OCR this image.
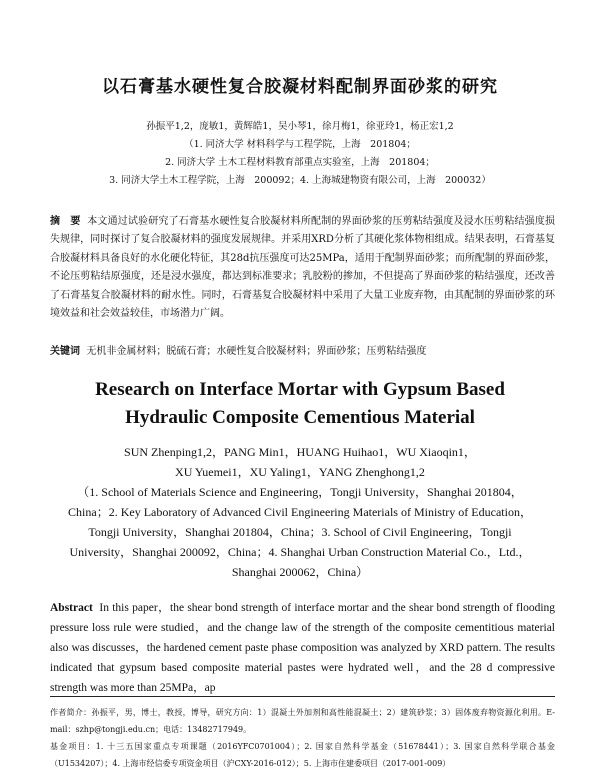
以石膏基水硬性复合胶凝材料配制界面砂浆的研究
孙振平1,2，庞敏1，黄辉皓1，吴小琴1，徐月梅1，徐亚玲1，杨正宏1,2
（1. 同济大学 材料科学与工程学院，上海　201804；
2. 同济大学 土木工程材料教育部重点实验室，上海　201804；
3. 同济大学土木工程学院，上海　200092；4. 上海城建物资有限公司，上海　200032）
摘　要 本文通过试验研究了石膏基水硬性复合胶凝材料所配制的界面砂浆的压剪粘结强度及浸水压剪粘结强度损失规律，同时探讨了复合胶凝材料的强度发展规律。并采用XRD分析了其硬化浆体物相组成。结果表明，石膏基复合胶凝材料具备良好的水化硬化特征，其28d抗压强度可达25MPa，适用于配制界面砂浆；而所配制的界面砂浆，不论压剪粘结原强度，还是浸水强度，都达到标准要求；乳胶粉的掺加，不但提高了界面砂浆的粘结强度，还改善了石膏基复合胶凝材料的耐水性。同时，石膏基复合胶凝材料中采用了大量工业废弃物，由其配制的界面砂浆的环境效益和社会效益较佳，市场潜力广阔。
关键词 无机非金属材料；脱硫石膏；水硬性复合胶凝材料；界面砂浆；压剪粘结强度
Research on Interface Mortar with Gypsum Based
Hydraulic Composite Cementious Material
SUN Zhenping1,2，PANG Min1，HUANG Huihao1，WU Xiaoqin1，
XU Yuemei1，XU Yaling1，YANG Zhenghong1,2
（1. School of Materials Science and Engineering，Tongji University，Shanghai 201804，China；2. Key Laboratory of Advanced Civil Engineering Materials of Ministry of Education，Tongji University，Shanghai 201804，China；3. School of Civil Engineering，Tongji University，Shanghai 200092，China；4. Shanghai Urban Construction Material Co.，Ltd.，Shanghai 200062，China）
Abstract In this paper，the shear bond strength of interface mortar and the shear bond strength of flooding pressure loss rule were studied，and the change law of the strength of the composite cementitious material also was discusses，the hardened cement paste phase composition was analyzed by XRD pattern. The results indicated that gypsum based composite material pastes were hydrated well，and the 28 d compressive strength was more than 25MPa，ap
作者简介：孙振平，男，博士，教授，博导，研究方向：1）混凝土外加剂和高性能混凝土；2）建筑砂浆；3）固体废弃物资源化利用。E-mail：szhp@tongji.edu.cn；电话：13482717949。
基金项目：1. 十三五国家重点专项课题（2016YFC0701004）；2. 国家自然科学基金（51678441）；3. 国家自然科学联合基金（U1534207）；4. 上海市经信委专项资金项目（沪CXY-2016-012）；5. 上海市住建委项目（2017-001-009）
